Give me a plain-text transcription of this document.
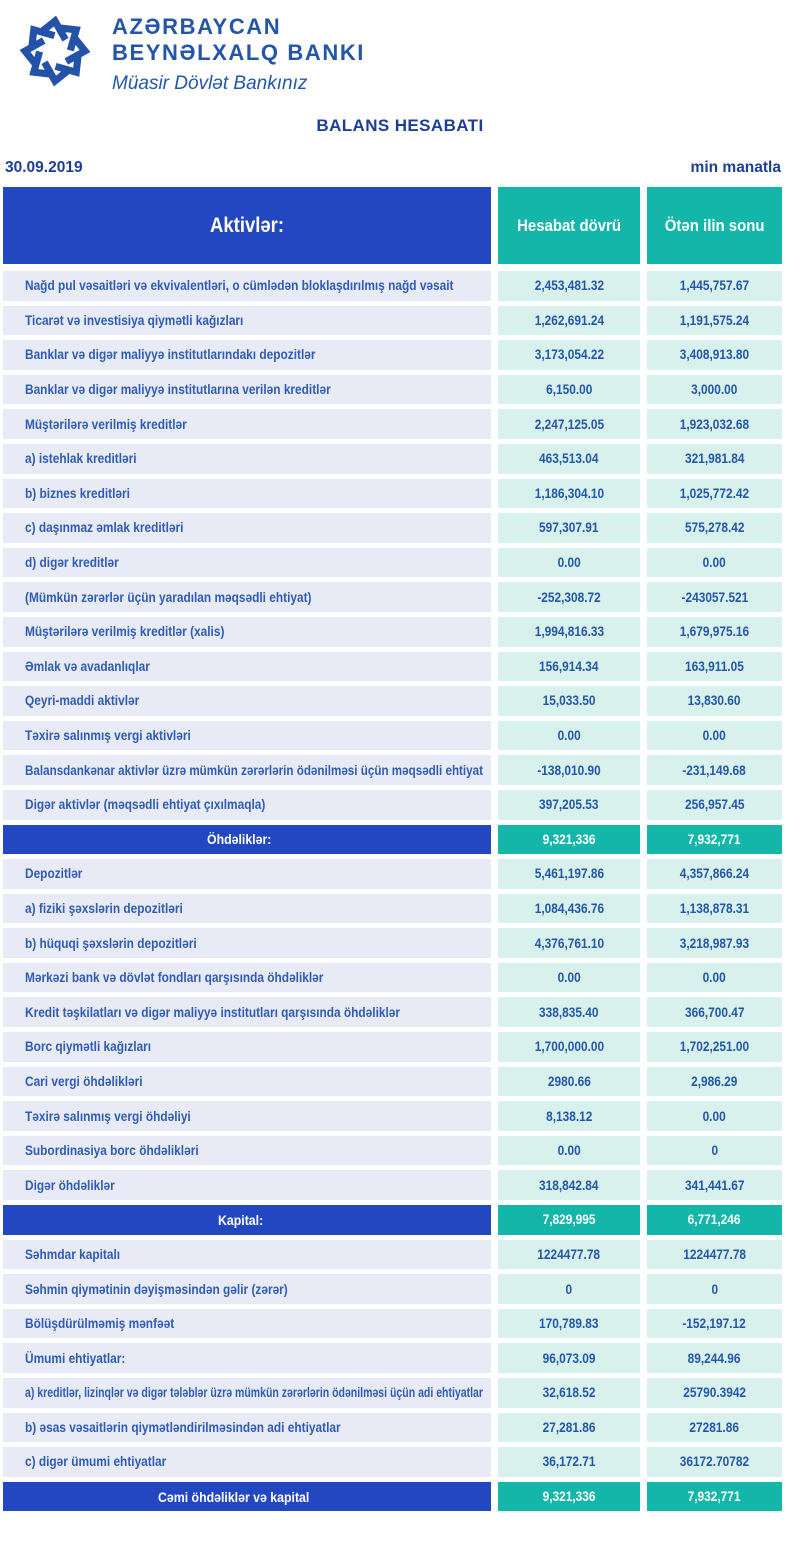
AZƏRBAYCAN
BEYNƏLXALQ BANKI
Müasir Dövlət Bankınız
BALANS HESABATI
30.09.2019	min manatla
Aktivlər:	Hesabat dövrü	Ötən ilin sonu
Nağd pul vəsaitləri və ekvivalentləri, o cümlədən bloklaşdırılmış nağd vəsait	2,453,481.32	1,445,757.67
Ticarət və investisiya qiymətli kağızları	1,262,691.24	1,191,575.24
Banklar və digər maliyyə institutlarındakı depozitlər	3,173,054.22	3,408,913.80
Banklar və digər maliyyə institutlarına verilən kreditlər	6,150.00	3,000.00
Müştərilərə verilmiş kreditlər	2,247,125.05	1,923,032.68
a) istehlak kreditləri	463,513.04	321,981.84
b) biznes kreditləri	1,186,304.10	1,025,772.42
c) daşınmaz əmlak kreditləri	597,307.91	575,278.42
d) digər kreditlər	0.00	0.00
(Mümkün zərərlər üçün yaradılan məqsədli ehtiyat)	-252,308.72	-243057.521
Müştərilərə verilmiş kreditlər (xalis)	1,994,816.33	1,679,975.16
Əmlak və avadanlıqlar	156,914.34	163,911.05
Qeyri-maddi aktivlər	15,033.50	13,830.60
Təxirə salınmış vergi aktivləri	0.00	0.00
Balansdankənar aktivlər üzrə mümkün zərərlərin ödənilməsi üçün məqsədli ehtiyat	-138,010.90	-231,149.68
Digər aktivlər (məqsədli ehtiyat çıxılmaqla)	397,205.53	256,957.45
Öhdəliklər:	9,321,336	7,932,771
Depozitlər	5,461,197.86	4,357,866.24
a) fiziki şəxslərin depozitləri	1,084,436.76	1,138,878.31
b) hüquqi şəxslərin depozitləri	4,376,761.10	3,218,987.93
Mərkəzi bank və dövlət fondları qarşısında öhdəliklər	0.00	0.00
Kredit təşkilatları və digər maliyyə institutları qarşısında öhdəliklər	338,835.40	366,700.47
Borc qiymətli kağızları	1,700,000.00	1,702,251.00
Cari vergi öhdəlikləri	2980.66	2,986.29
Təxirə salınmış vergi öhdəliyi	8,138.12	0.00
Subordinasiya borc öhdəlikləri	0.00	0
Digər öhdəliklər	318,842.84	341,441.67
Kapital:	7,829,995	6,771,246
Səhmdar kapitalı	1224477.78	1224477.78
Səhmin qiymətinin dəyişməsindən gəlir (zərər)	0	0
Bölüşdürülməmiş mənfəət	170,789.83	-152,197.12
Ümumi ehtiyatlar:	96,073.09	89,244.96
a) kreditlər, lizinqlər və digər tələblər üzrə mümkün zərərlərin ödənilməsi üçün adi ehtiyatlar	32,618.52	25790.3942
b) əsas vəsaitlərin qiymətləndirilməsindən adi ehtiyatlar	27,281.86	27281.86
c) digər ümumi ehtiyatlar	36,172.71	36172.70782
Cəmi öhdəliklər və kapital	9,321,336	7,932,771
